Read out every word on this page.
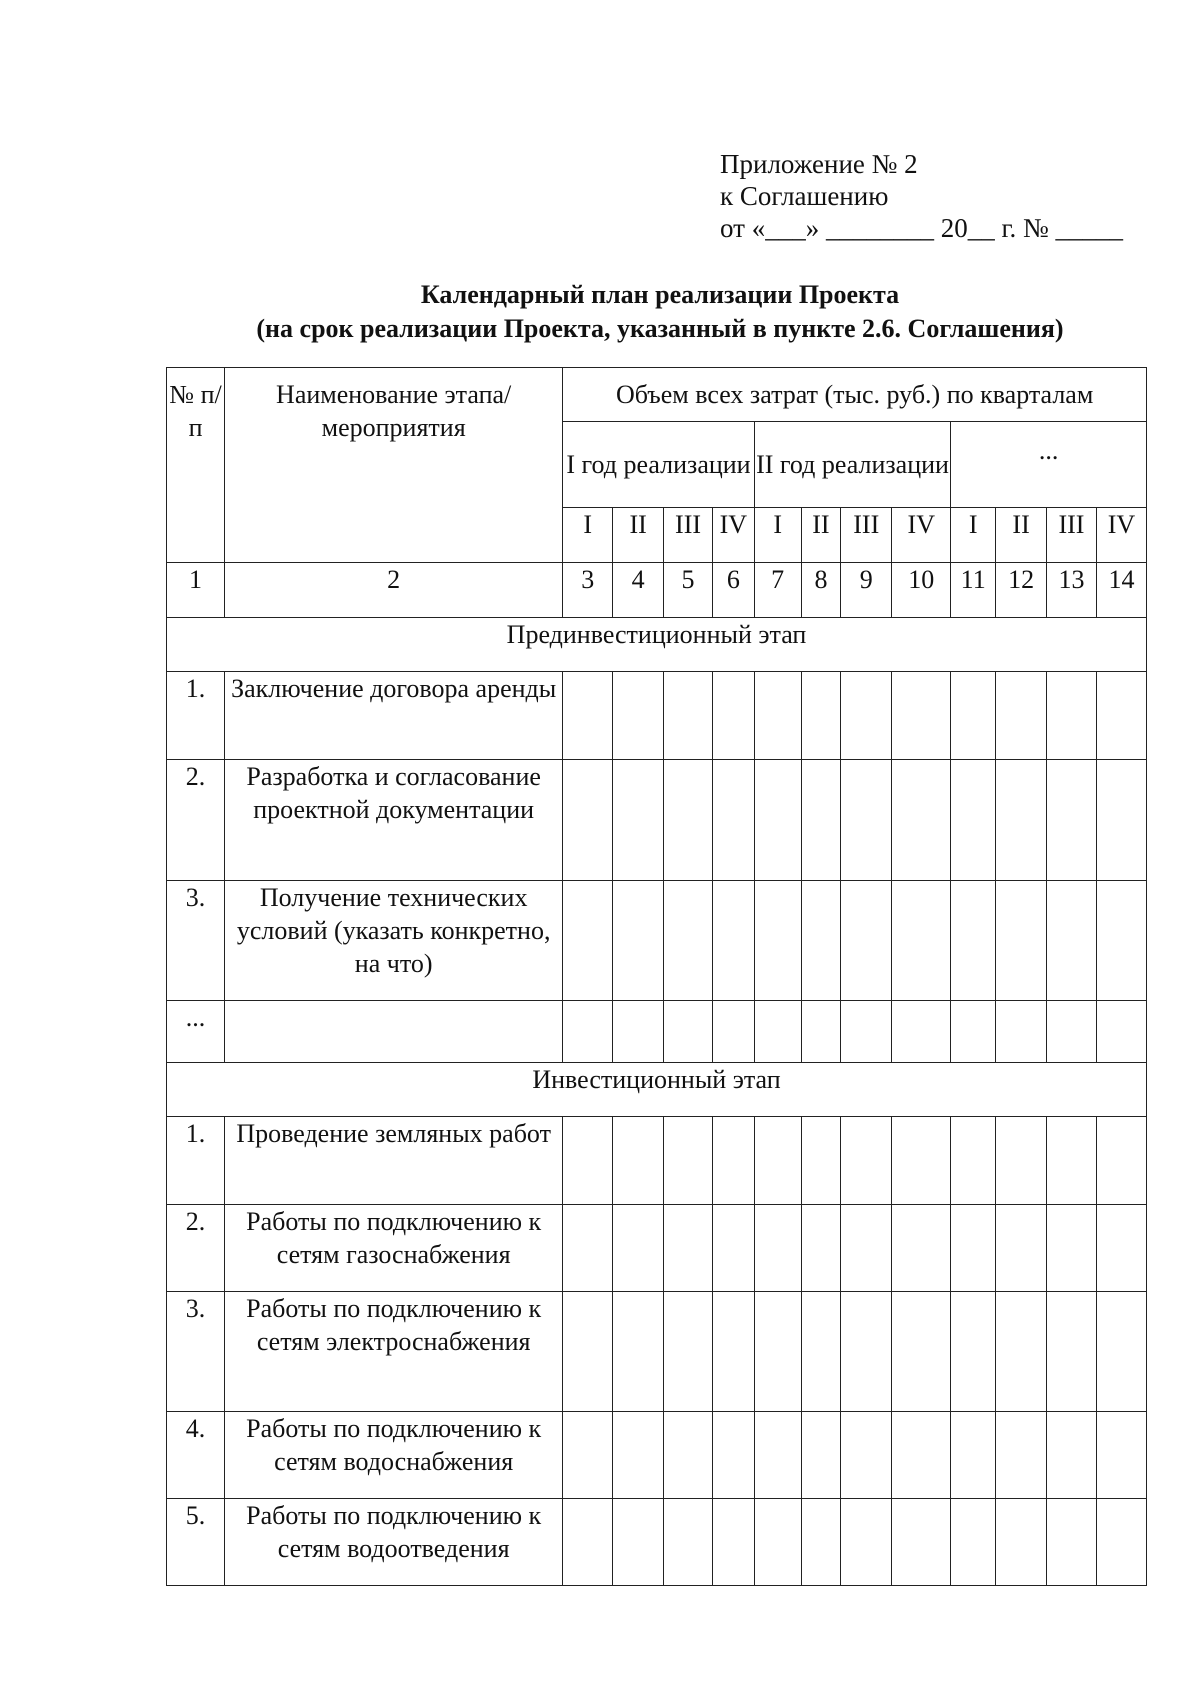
Приложение № 2
к Соглашению
от «___» ________ 20__ г. № _____
Календарный план реализации Проекта
(на срок реализации Проекта, указанный в пункте 2.6. Соглашения)
№ п/п	Наименование этапа/мероприятия	Объем всех затрат (тыс. руб.) по кварталам											
		I год реализации				II год реализации				...			
		I	II	III	IV	I	II	III	IV	I	II	III	IV
1	2	3	4	5	6	7	8	9	10	11	12	13	14
Прединвестиционный этап													
1.	Заключение договора аренды												
2.	Разработка и согласование проектной документации												
3.	Получение технических условий (указать конкретно, на что)												
...													
Инвестиционный этап													
1.	Проведение земляных работ												
2.	Работы по подключению к сетям газоснабжения												
3.	Работы по подключению к сетям электроснабжения												
4.	Работы по подключению к сетям водоснабжения												
5.	Работы по подключению к сетям водоотведения												
